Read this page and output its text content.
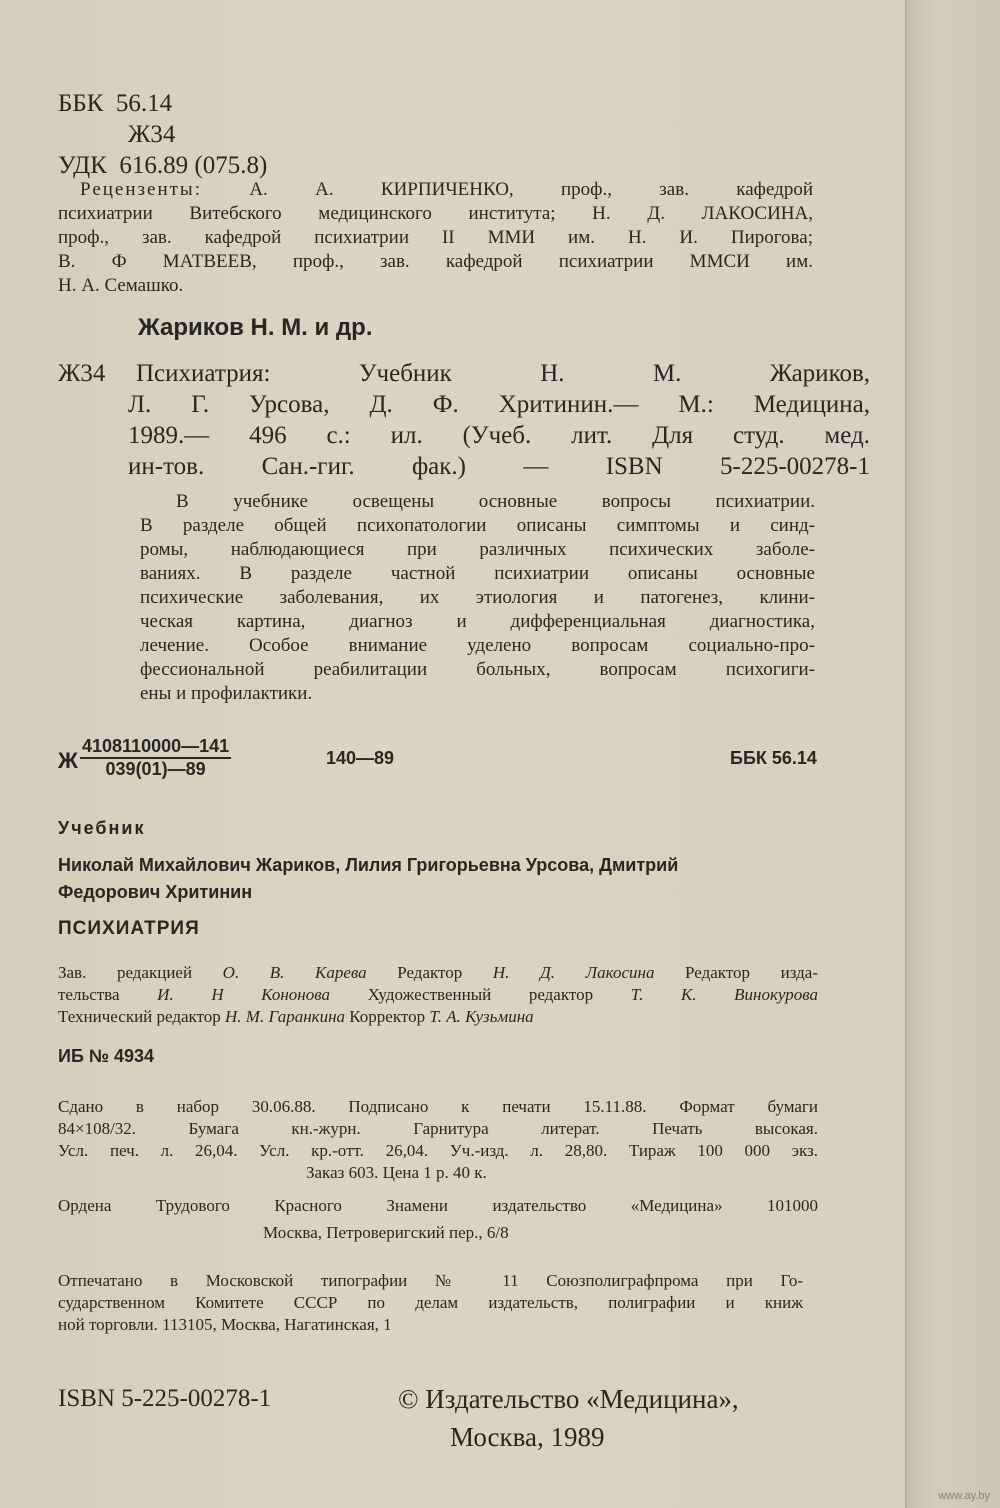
ББК 56.14
Ж34
УДК 616.89 (075.8)
Рецензенты: А. А. КИРПИЧЕНКО, проф., зав. кафедрой
психиатрии Витебского медицинского института; Н. Д. ЛАКОСИНА,
проф., зав. кафедрой психиатрии II ММИ им. Н. И. Пирогова;
В. Ф МАТВЕЕВ, проф., зав. кафедрой психиатрии ММСИ им.
Н. А. Семашко.
Жариков Н. М. и др.
Ж34	Психиатрия: Учебник Н. М. Жариков,
Л. Г. Урсова, Д. Ф. Хритинин.— М.: Медицина,
1989.— 496 с.: ил. (Учеб. лит. Для студ. мед.
ин-тов. Сан.-гиг. фак.) — ISBN 5-225-00278-1
В учебнике освещены основные вопросы психиатрии.
В разделе общей психопатологии описаны симптомы и синд-
ромы, наблюдающиеся при различных психических заболе-
ваниях. В разделе частной психиатрии описаны основные
психические заболевания, их этиология и патогенез, клини-
ческая картина, диагноз и дифференциальная диагностика,
лечение. Особое внимание уделено вопросам социально-про-
фессиональной реабилитации больных, вопросам психогиги-
ены и профилактики.
Ж $\frac{4108110000—141}{039(01)—89}$	140—89	ББК 56.14
Учебник
Николай Михайлович Жариков, Лилия Григорьевна Урсова, Дмитрий
Федорович Хритинин
ПСИХИАТРИЯ
Зав. редакцией О. В. Карева Редактор Н. Д. Лакосина Редактор изда-
тельства И. Н Кононова Художественный редактор Т. К. Винокурова
Технический редактор Н. М. Гаранкина Корректор Т. А. Кузьмина
ИБ № 4934
Сдано в набор 30.06.88. Подписано к печати 15.11.88. Формат бумаги
84×108/32. Бумага кн.-журн. Гарнитура литерат. Печать высокая.
Усл. печ. л. 26,04. Усл. кр.-отт. 26,04. Уч.-изд. л. 28,80. Тираж 100 000 экз.
Заказ 603. Цена 1 р. 40 к.
Ордена Трудового Красного Знамени издательство «Медицина» 101000
Москва, Петроверигский пер., 6/8
Отпечатано в Московской типографии № 11 Союзполиграфпрома при Го-
сударственном Комитете СССР по делам издательств, полиграфии и книж
ной торговли. 113105, Москва, Нагатинская, 1
ISBN 5-225-00278-1	© Издательство «Медицина»,
Москва, 1989
www.ay.by
